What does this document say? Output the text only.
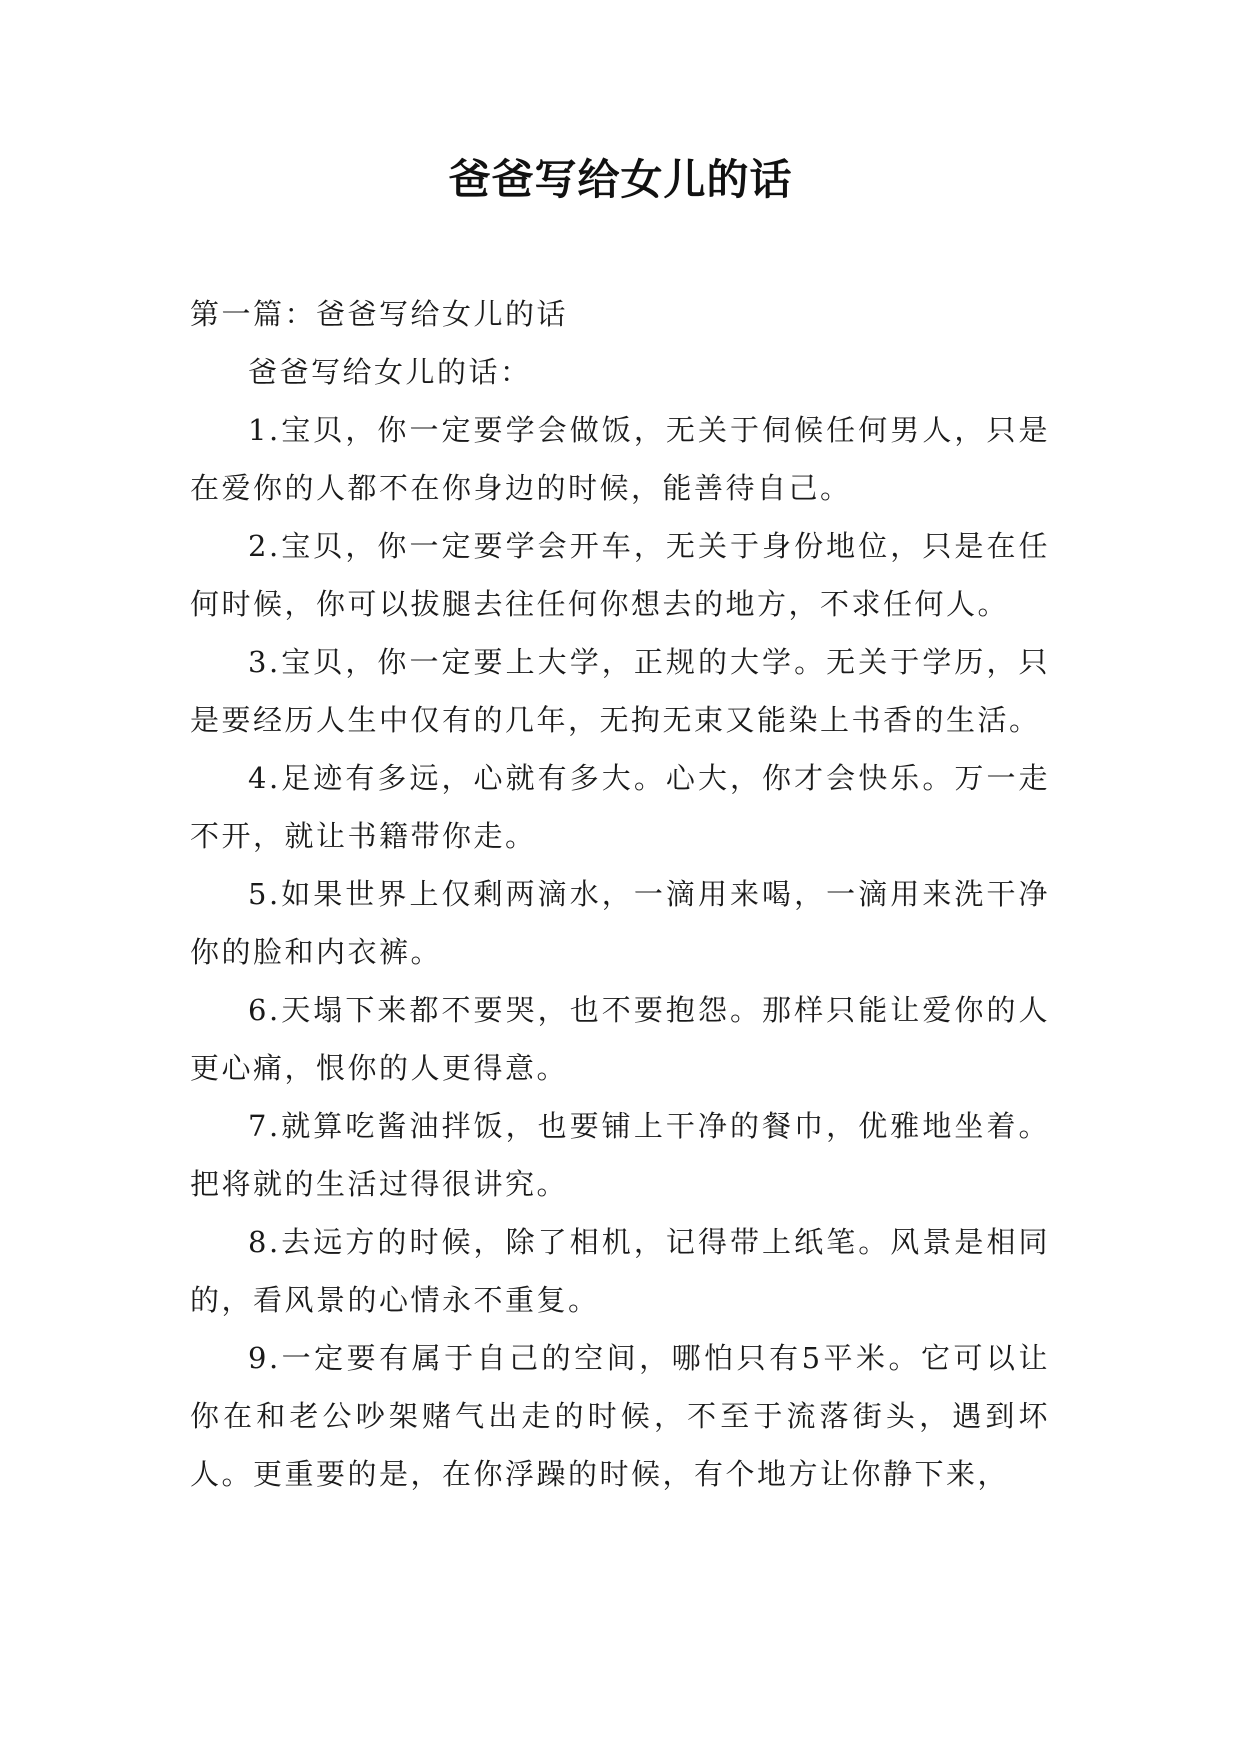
爸爸写给女儿的话

第一篇：爸爸写给女儿的话

爸爸写给女儿的话：

1.宝贝，你一定要学会做饭，无关于伺候任何男人，只是在爱你的人都不在你身边的时候，能善待自己。

2.宝贝，你一定要学会开车，无关于身份地位，只是在任何时候，你可以拔腿去往任何你想去的地方，不求任何人。

3.宝贝，你一定要上大学，正规的大学。无关于学历，只是要经历人生中仅有的几年，无拘无束又能染上书香的生活。

4.足迹有多远，心就有多大。心大，你才会快乐。万一走不开，就让书籍带你走。

5.如果世界上仅剩两滴水，一滴用来喝，一滴用来洗干净你的脸和内衣裤。

6.天塌下来都不要哭，也不要抱怨。那样只能让爱你的人更心痛，恨你的人更得意。

7.就算吃酱油拌饭，也要铺上干净的餐巾，优雅地坐着。把将就的生活过得很讲究。

8.去远方的时候，除了相机，记得带上纸笔。风景是相同的，看风景的心情永不重复。

9.一定要有属于自己的空间，哪怕只有5平米。它可以让你在和老公吵架赌气出走的时候，不至于流落街头，遇到坏人。更重要的是，在你浮躁的时候，有个地方让你静下来，
